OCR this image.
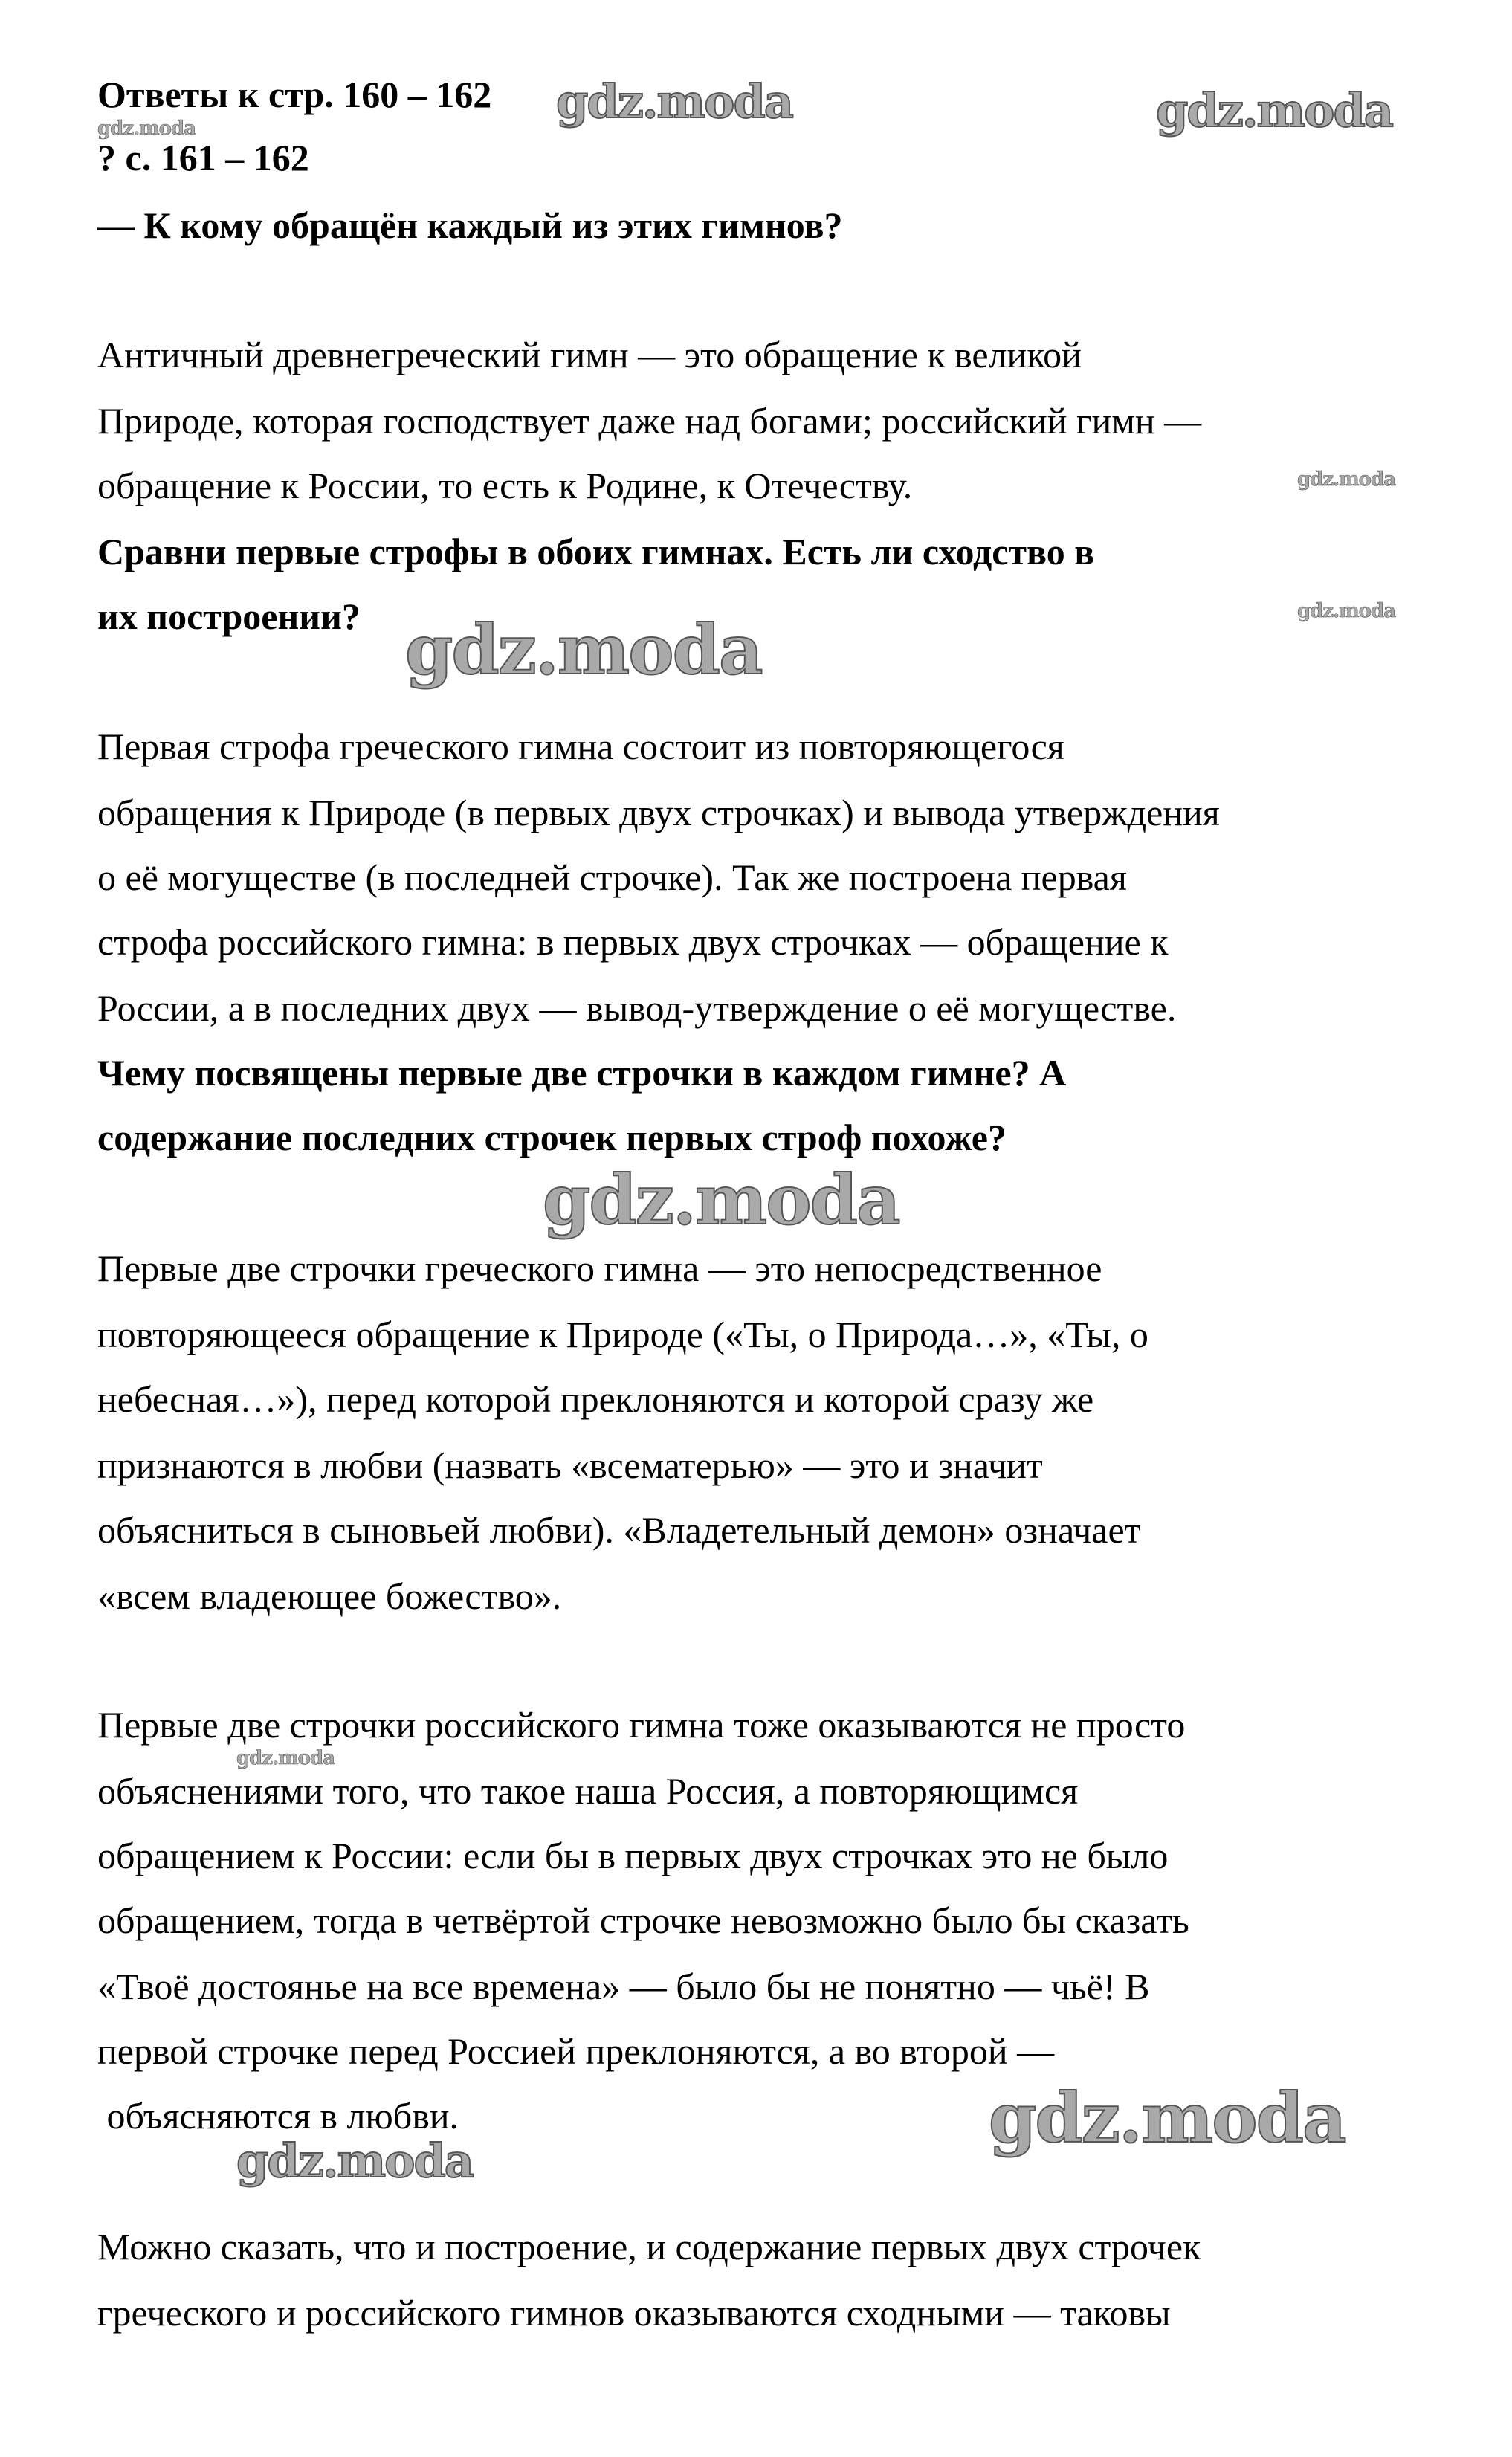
Ответы к стр. 160 – 162
? с. 161 – 162
— К кому обращён каждый из этих гимнов?
Античный древнегреческий гимн — это обращение к великой
Природе, которая господствует даже над богами; российский гимн —
обращение к России, то есть к Родине, к Отечеству.
Сравни первые строфы в обоих гимнах. Есть ли сходство в
их построении?
Первая строфа греческого гимна состоит из повторяющегося
обращения к Природе (в первых двух строчках) и вывода утверждения
о её могуществе (в последней строчке). Так же построена первая
строфа российского гимна: в первых двух строчках — обращение к
России, а в последних двух — вывод-утверждение о её могуществе.
Чему посвящены первые две строчки в каждом гимне? А
содержание последних строчек первых строф похоже?
Первые две строчки греческого гимна — это непосредственное
повторяющееся обращение к Природе («Ты, о Природа…», «Ты, о
небесная…»), перед которой преклоняются и которой сразу же
признаются в любви (назвать «всематерью» — это и значит
объясниться в сыновьей любви). «Владетельный демон» означает
«всем владеющее божество».
Первые две строчки российского гимна тоже оказываются не просто
объяснениями того, что такое наша Россия, а повторяющимся
обращением к России: если бы в первых двух строчках это не было
обращением, тогда в четвёртой строчке невозможно было бы сказать
«Твоё достоянье на все времена» — было бы не понятно — чьё! В
первой строчке перед Россией преклоняются, а во второй —
объясняются в любви.
Можно сказать, что и построение, и содержание первых двух строчек
греческого и российского гимнов оказываются сходными — таковы
gdz.moda	gdz.moda
gdz.moda
gdz.moda
gdz.moda
gdz.moda
gdz.moda
gdz.moda
gdz.moda
gdz.moda
